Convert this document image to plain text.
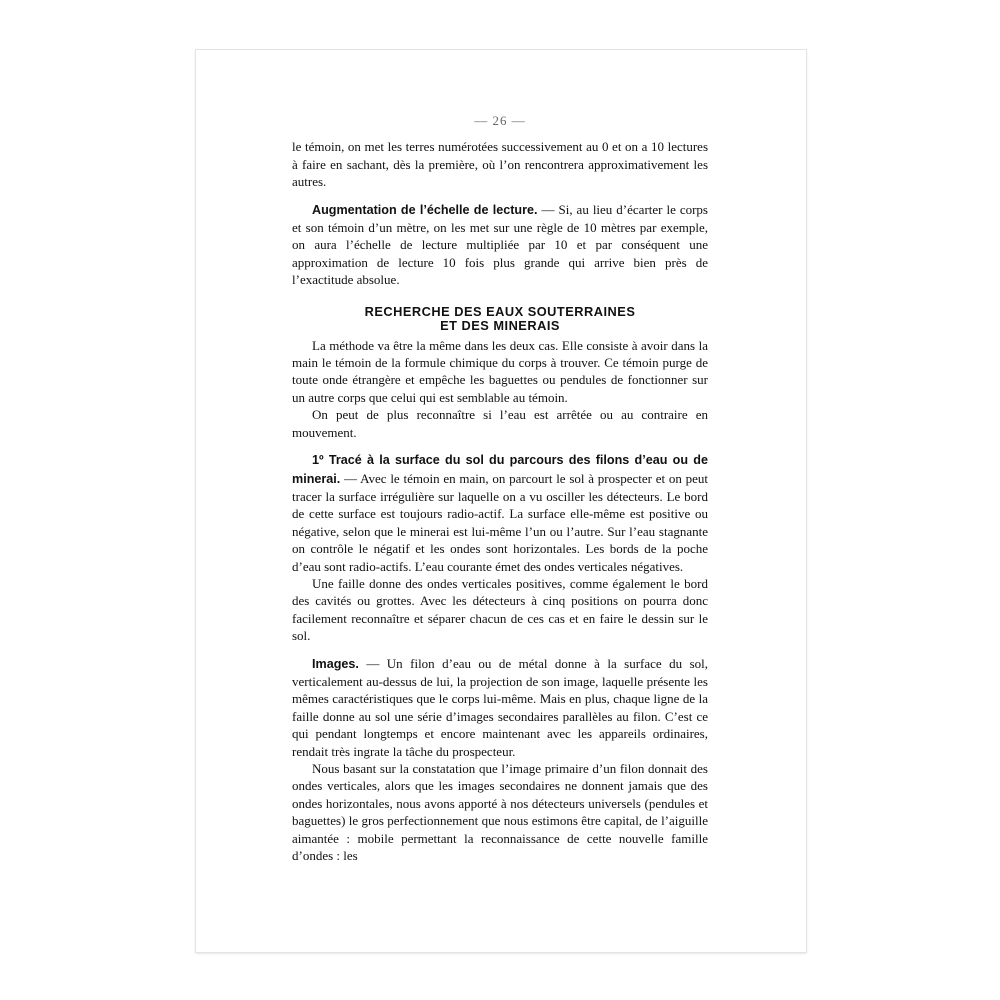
— 26 —

le témoin, on met les terres numérotées successivement au 0 et on a 10 lectures à faire en sachant, dès la première, où l’on rencontrera approximativement les autres.

Augmentation de l’échelle de lecture. — Si, au lieu d’écarter le corps et son témoin d’un mètre, on les met sur une règle de 10 mètres par exemple, on aura l’échelle de lecture multipliée par 10 et par conséquent une approximation de lecture 10 fois plus grande qui arrive bien près de l’exactitude absolue.

RECHERCHE DES EAUX SOUTERRAINES
ET DES MINERAIS

La méthode va être la même dans les deux cas. Elle consiste à avoir dans la main le témoin de la formule chimique du corps à trouver. Ce témoin purge de toute onde étrangère et empêche les baguettes ou pendules de fonctionner sur un autre corps que celui qui est semblable au témoin.

On peut de plus reconnaître si l’eau est arrêtée ou au contraire en mouvement.

1º Tracé à la surface du sol du parcours des filons d’eau ou de minerai. — Avec le témoin en main, on parcourt le sol à prospecter et on peut tracer la surface irrégulière sur laquelle on a vu osciller les détecteurs. Le bord de cette surface est toujours radio-actif. La surface elle-même est positive ou négative, selon que le minerai est lui-même l’un ou l’autre. Sur l’eau stagnante on contrôle le négatif et les ondes sont horizontales. Les bords de la poche d’eau sont radio-actifs. L’eau courante émet des ondes verticales négatives.

Une faille donne des ondes verticales positives, comme également le bord des cavités ou grottes. Avec les détecteurs à cinq positions on pourra donc facilement reconnaître et séparer chacun de ces cas et en faire le dessin sur le sol.

Images. — Un filon d’eau ou de métal donne à la surface du sol, verticalement au-dessus de lui, la projection de son image, laquelle présente les mêmes caractéristiques que le corps lui-même. Mais en plus, chaque ligne de la faille donne au sol une série d’images secondaires parallèles au filon. C’est ce qui pendant longtemps et encore maintenant avec les appareils ordinaires, rendait très ingrate la tâche du prospecteur.

Nous basant sur la constatation que l’image primaire d’un filon donnait des ondes verticales, alors que les images secondaires ne donnent jamais que des ondes horizontales, nous avons apporté à nos détecteurs universels (pendules et baguettes) le gros perfectionnement que nous estimons être capital, de l’aiguille aimantée : mobile permettant la reconnaissance de cette nouvelle famille d’ondes : les
